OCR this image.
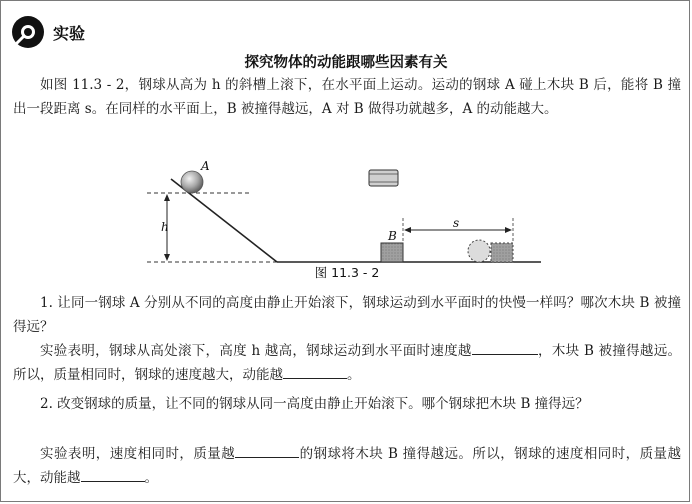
实验
探究物体的动能跟哪些因素有关

如图 11.3 - 2，钢球从高为 h 的斜槽上滚下，在水平面上运动。运动的钢球 A 碰上木块 B 后，能将 B 撞出一段距离 s。在同样的水平面上，B 被撞得越远，A 对 B 做得功就越多，A 的动能越大。

h
A
B
s
图 11.3 - 2

1. 让同一钢球 A 分别从不同的高度由静止开始滚下，钢球运动到水平面时的快慢一样吗？哪次木块 B 被撞得远？

实验表明，钢球从高处滚下，高度 h 越高，钢球运动到水平面时速度越	，木块 B 被撞得越远。所以，质量相同时，钢球的速度越大，动能越	。

2. 改变钢球的质量，让不同的钢球从同一高度由静止开始滚下。哪个钢球把木块 B 撞得远？

实验表明，速度相同时，质量越	的钢球将木块 B 撞得越远。所以，钢球的速度相同时，质量越大，动能越	。
